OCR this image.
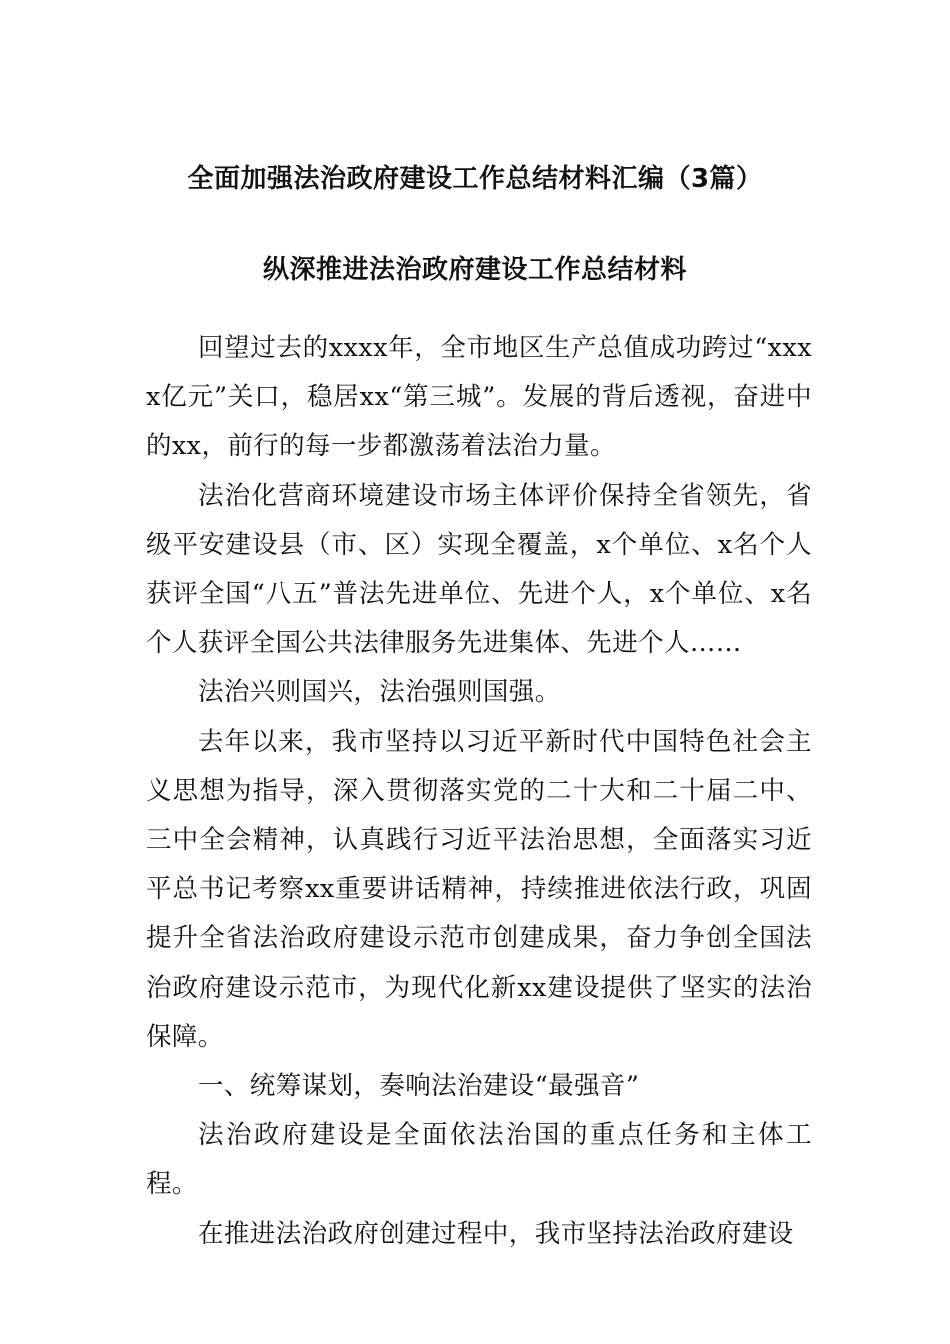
全面加强法治政府建设工作总结材料汇编（3篇）
纵深推进法治政府建设工作总结材料

回望过去的xxxx年，全市地区生产总值成功跨过“xxxx亿元”关口，稳居xx“第三城”。发展的背后透视，奋进中的xx，前行的每一步都激荡着法治力量。

法治化营商环境建设市场主体评价保持全省领先，省级平安建设县（市、区）实现全覆盖，x个单位、x名个人获评全国“八五”普法先进单位、先进个人，x个单位、x名个人获评全国公共法律服务先进集体、先进个人……

法治兴则国兴，法治强则国强。

去年以来，我市坚持以习近平新时代中国特色社会主义思想为指导，深入贯彻落实党的二十大和二十届二中、三中全会精神，认真践行习近平法治思想，全面落实习近平总书记考察xx重要讲话精神，持续推进依法行政，巩固提升全省法治政府建设示范市创建成果，奋力争创全国法治政府建设示范市，为现代化新xx建设提供了坚实的法治保障。

一、统筹谋划，奏响法治建设“最强音”

法治政府建设是全面依法治国的重点任务和主体工程。

在推进法治政府创建过程中，我市坚持法治政府建设
